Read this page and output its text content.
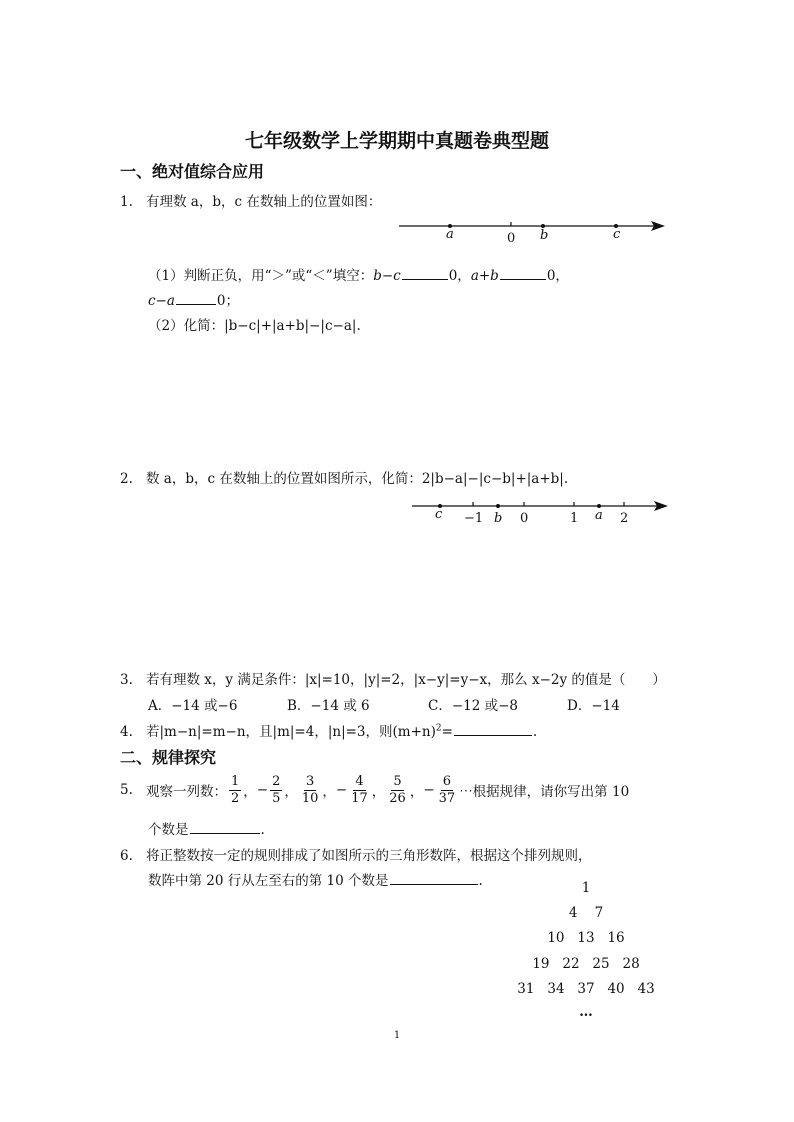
七年级数学上学期期中真题卷典型题
一、绝对值综合应用
1. 有理数 a，b，c 在数轴上的位置如图：
a	0 b	c
（1）判断正负，用“＞”或“＜”填空：b−c	0，a+b	0，
c−a	0；
（2）化简：|b−c|+|a+b|−|c−a|.
2. 数 a，b，c 在数轴上的位置如图所示，化简：2|b−a|−|c−b|+|a+b|.
c −1 b 0	1 a 2
3. 若有理数 x，y 满足条件：|x|=10，|y|=2，|x−y|=y−x，那么 x−2y 的值是（　　）
A．−14 或−6	B．−14 或 6	C．−12 或−8	D．−14
4. 若|m−n|=m−n，且|m|=4，|n|=3，则$(m+n)^2=$	.
二、规律探究
5. 观察一列数： $\frac{1}{2}$ ， − $\frac{2}{5}$ ， $\frac{3}{10}$ ， − $\frac{4}{17}$ ， $\frac{5}{26}$ ， − $\frac{6}{37}$ ⋯根据规律，请你写出第 10
个数是	.
6. 将正整数按一定的规则排成了如图所示的三角形数阵，根据这个排列规则，
数阵中第 20 行从左至右的第 10 个数是	.	1
4    7
10   13   16
19   22   25   28
31   34   37   40   43
…
1
